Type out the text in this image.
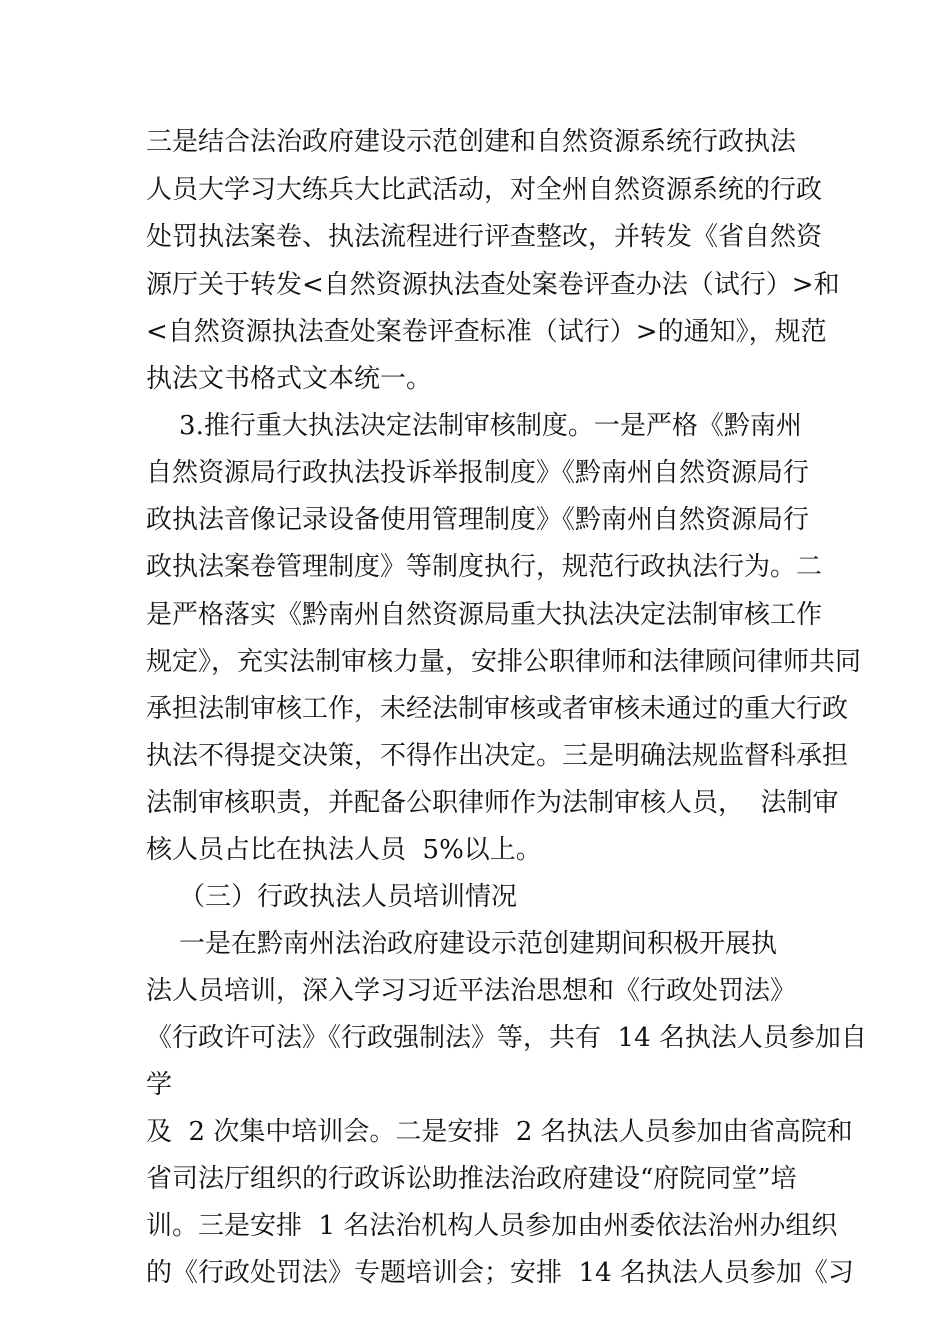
三是结合法治政府建设示范创建和自然资源系统行政执法

人员大学习大练兵大比武活动，对全州自然资源系统的行政

处罚执法案卷、执法流程进行评查整改，并转发《省自然资

源厅关于转发<自然资源执法查处案卷评查办法（试行）>和

<自然资源执法查处案卷评查标准（试行）>的通知》，规范

执法文书格式文本统一。

3.推行重大执法决定法制审核制度。一是严格《黔南州

自然资源局行政执法投诉举报制度》《黔南州自然资源局行

政执法音像记录设备使用管理制度》《黔南州自然资源局行

政执法案卷管理制度》等制度执行，规范行政执法行为。二

是严格落实《黔南州自然资源局重大执法决定法制审核工作

规定》，充实法制审核力量，安排公职律师和法律顾问律师共同

承担法制审核工作，未经法制审核或者审核未通过的重大行政

执法不得提交决策，不得作出决定。三是明确法规监督科承担

法制审核职责，并配备公职律师作为法制审核人员，  法制审

核人员占比在执法人员  5%以上。

（三）行政执法人员培训情况

一是在黔南州法治政府建设示范创建期间积极开展执

法人员培训，深入学习习近平法治思想和《行政处罚法》

《行政许可法》《行政强制法》等，共有  14 名执法人员参加自

学

及  2 次集中培训会。二是安排  2 名执法人员参加由省高院和

省司法厅组织的行政诉讼助推法治政府建设“府院同堂”培

训。三是安排  1 名法治机构人员参加由州委依法治州办组织

的《行政处罚法》专题培训会；安排  14 名执法人员参加《习
